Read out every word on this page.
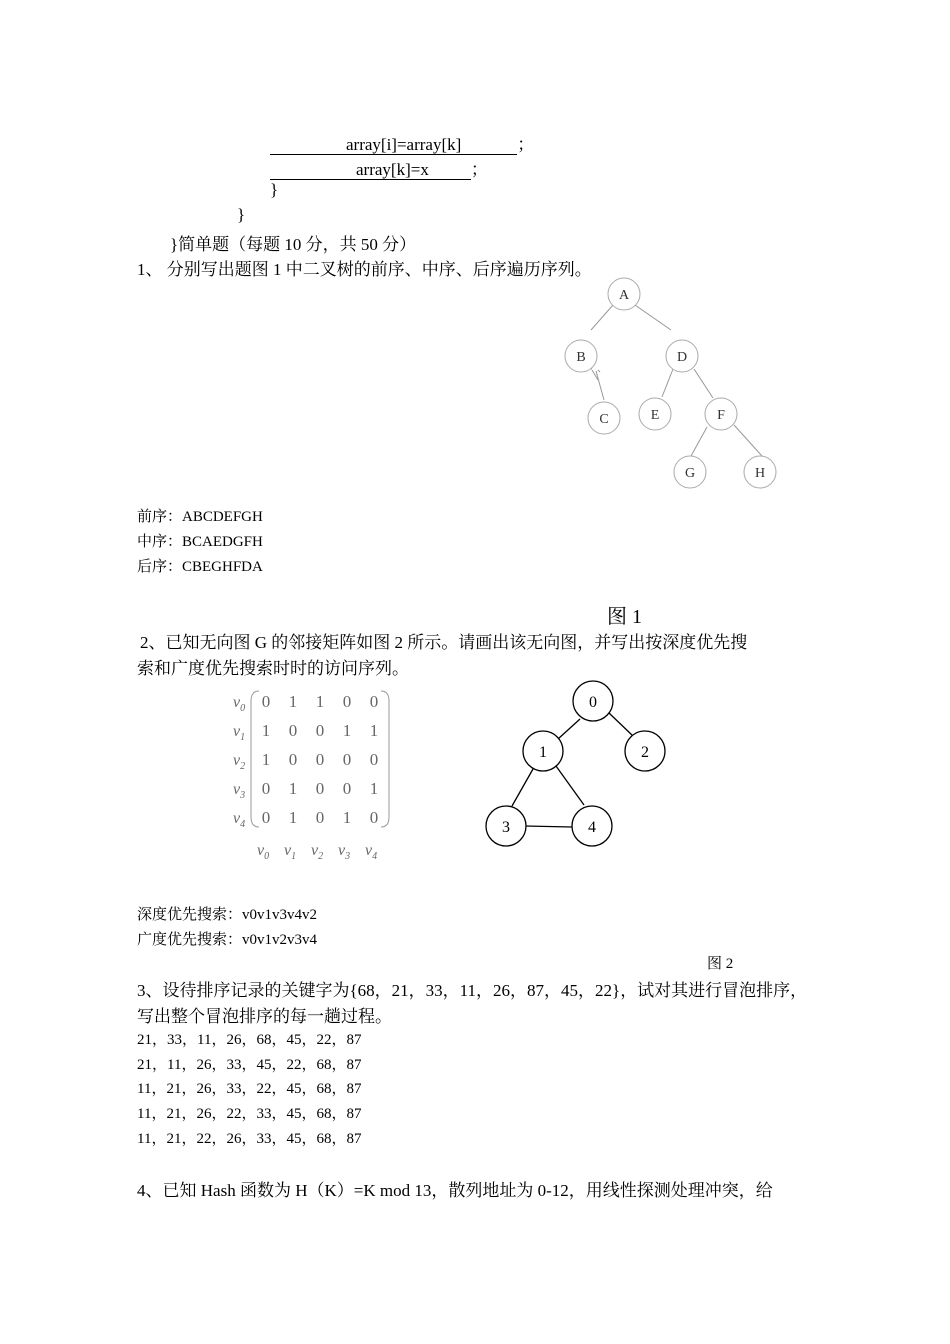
array[i]=array[k]	；
array[k]=x ；
}
}
}简单题（每题 10 分，共 50 分）
1、 分别写出题图 1 中二叉树的前序、中序、后序遍历序列。
A
B	D
C	E	F
G	H
前序：ABCDEFGH
中序：BCAEDGFH
后序：CBEGHFDA
图 1
2、已知无向图 G 的邻接矩阵如图 2 所示。请画出该无向图，并写出按深度优先搜
索和广度优先搜索时时的访问序列。
$v_0$
$v_1$
$v_2$
$v_3$
$v_4$
0 1 1 0 0
1 0 0 1 1
1 0 0 0 0
0 1 0 0 1
0 1 0 1 0
$v_0$ $v_1$ $v_2$ $v_3$ $v_4$
0
1	2
3	4
深度优先搜索：v0v1v3v4v2
广度优先搜索：v0v1v2v3v4
图 2
3、设待排序记录的关键字为{68，21，33，11，26，87，45，22}，试对其进行冒泡排序，
写出整个冒泡排序的每一趟过程。
21，33，11，26，68，45，22，87
21，11，26，33，45，22，68，87
11，21，26，33，22，45，68，87
11，21，26，22，33，45，68，87
11，21，22，26，33，45，68，87
4、已知 Hash 函数为 H（K）=K mod 13，散列地址为 0-12，用线性探测处理冲突，给
